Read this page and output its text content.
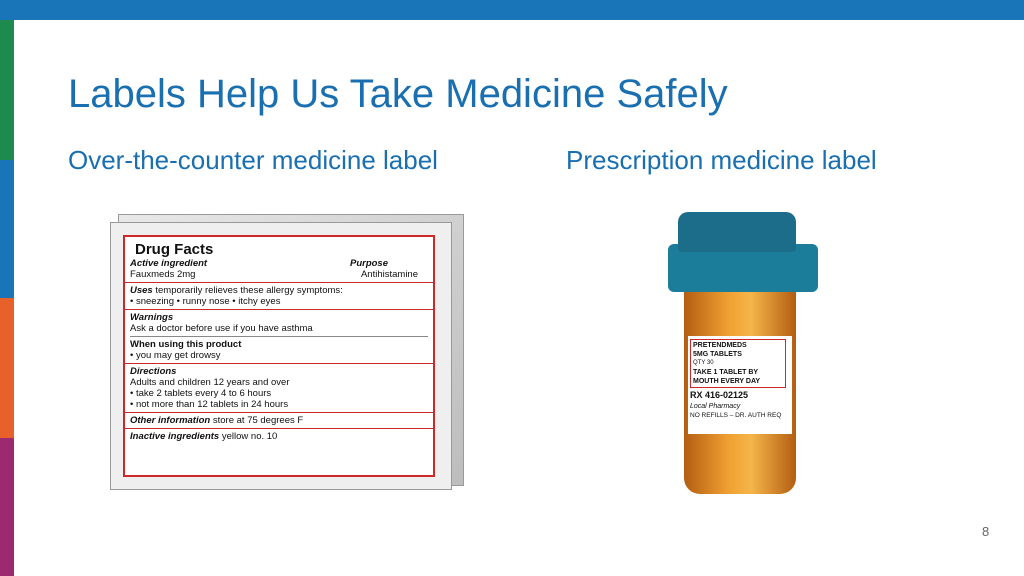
Labels Help Us Take Medicine Safely
Over-the-counter medicine label	Prescription medicine label
Drug Facts
Active ingredient	Purpose
Fauxmeds 2mg	Antihistamine
Uses temporarily relieves these allergy symptoms:
• sneezing • runny nose • itchy eyes
Warnings
Ask a doctor before use if you have asthma
When using this product
• you may get drowsy
Directions
Adults and children 12 years and over
• take 2 tablets every 4 to 6 hours
• not more than 12 tablets in 24 hours
Other information store at 75 degrees F
Inactive ingredients yellow no. 10
PRETENDMEDS
5MG TABLETS
QTY 30
TAKE 1 TABLET BY
MOUTH EVERY DAY
RX 416-02125
Local Pharmacy
NO REFILLS – DR. AUTH REQ
8
